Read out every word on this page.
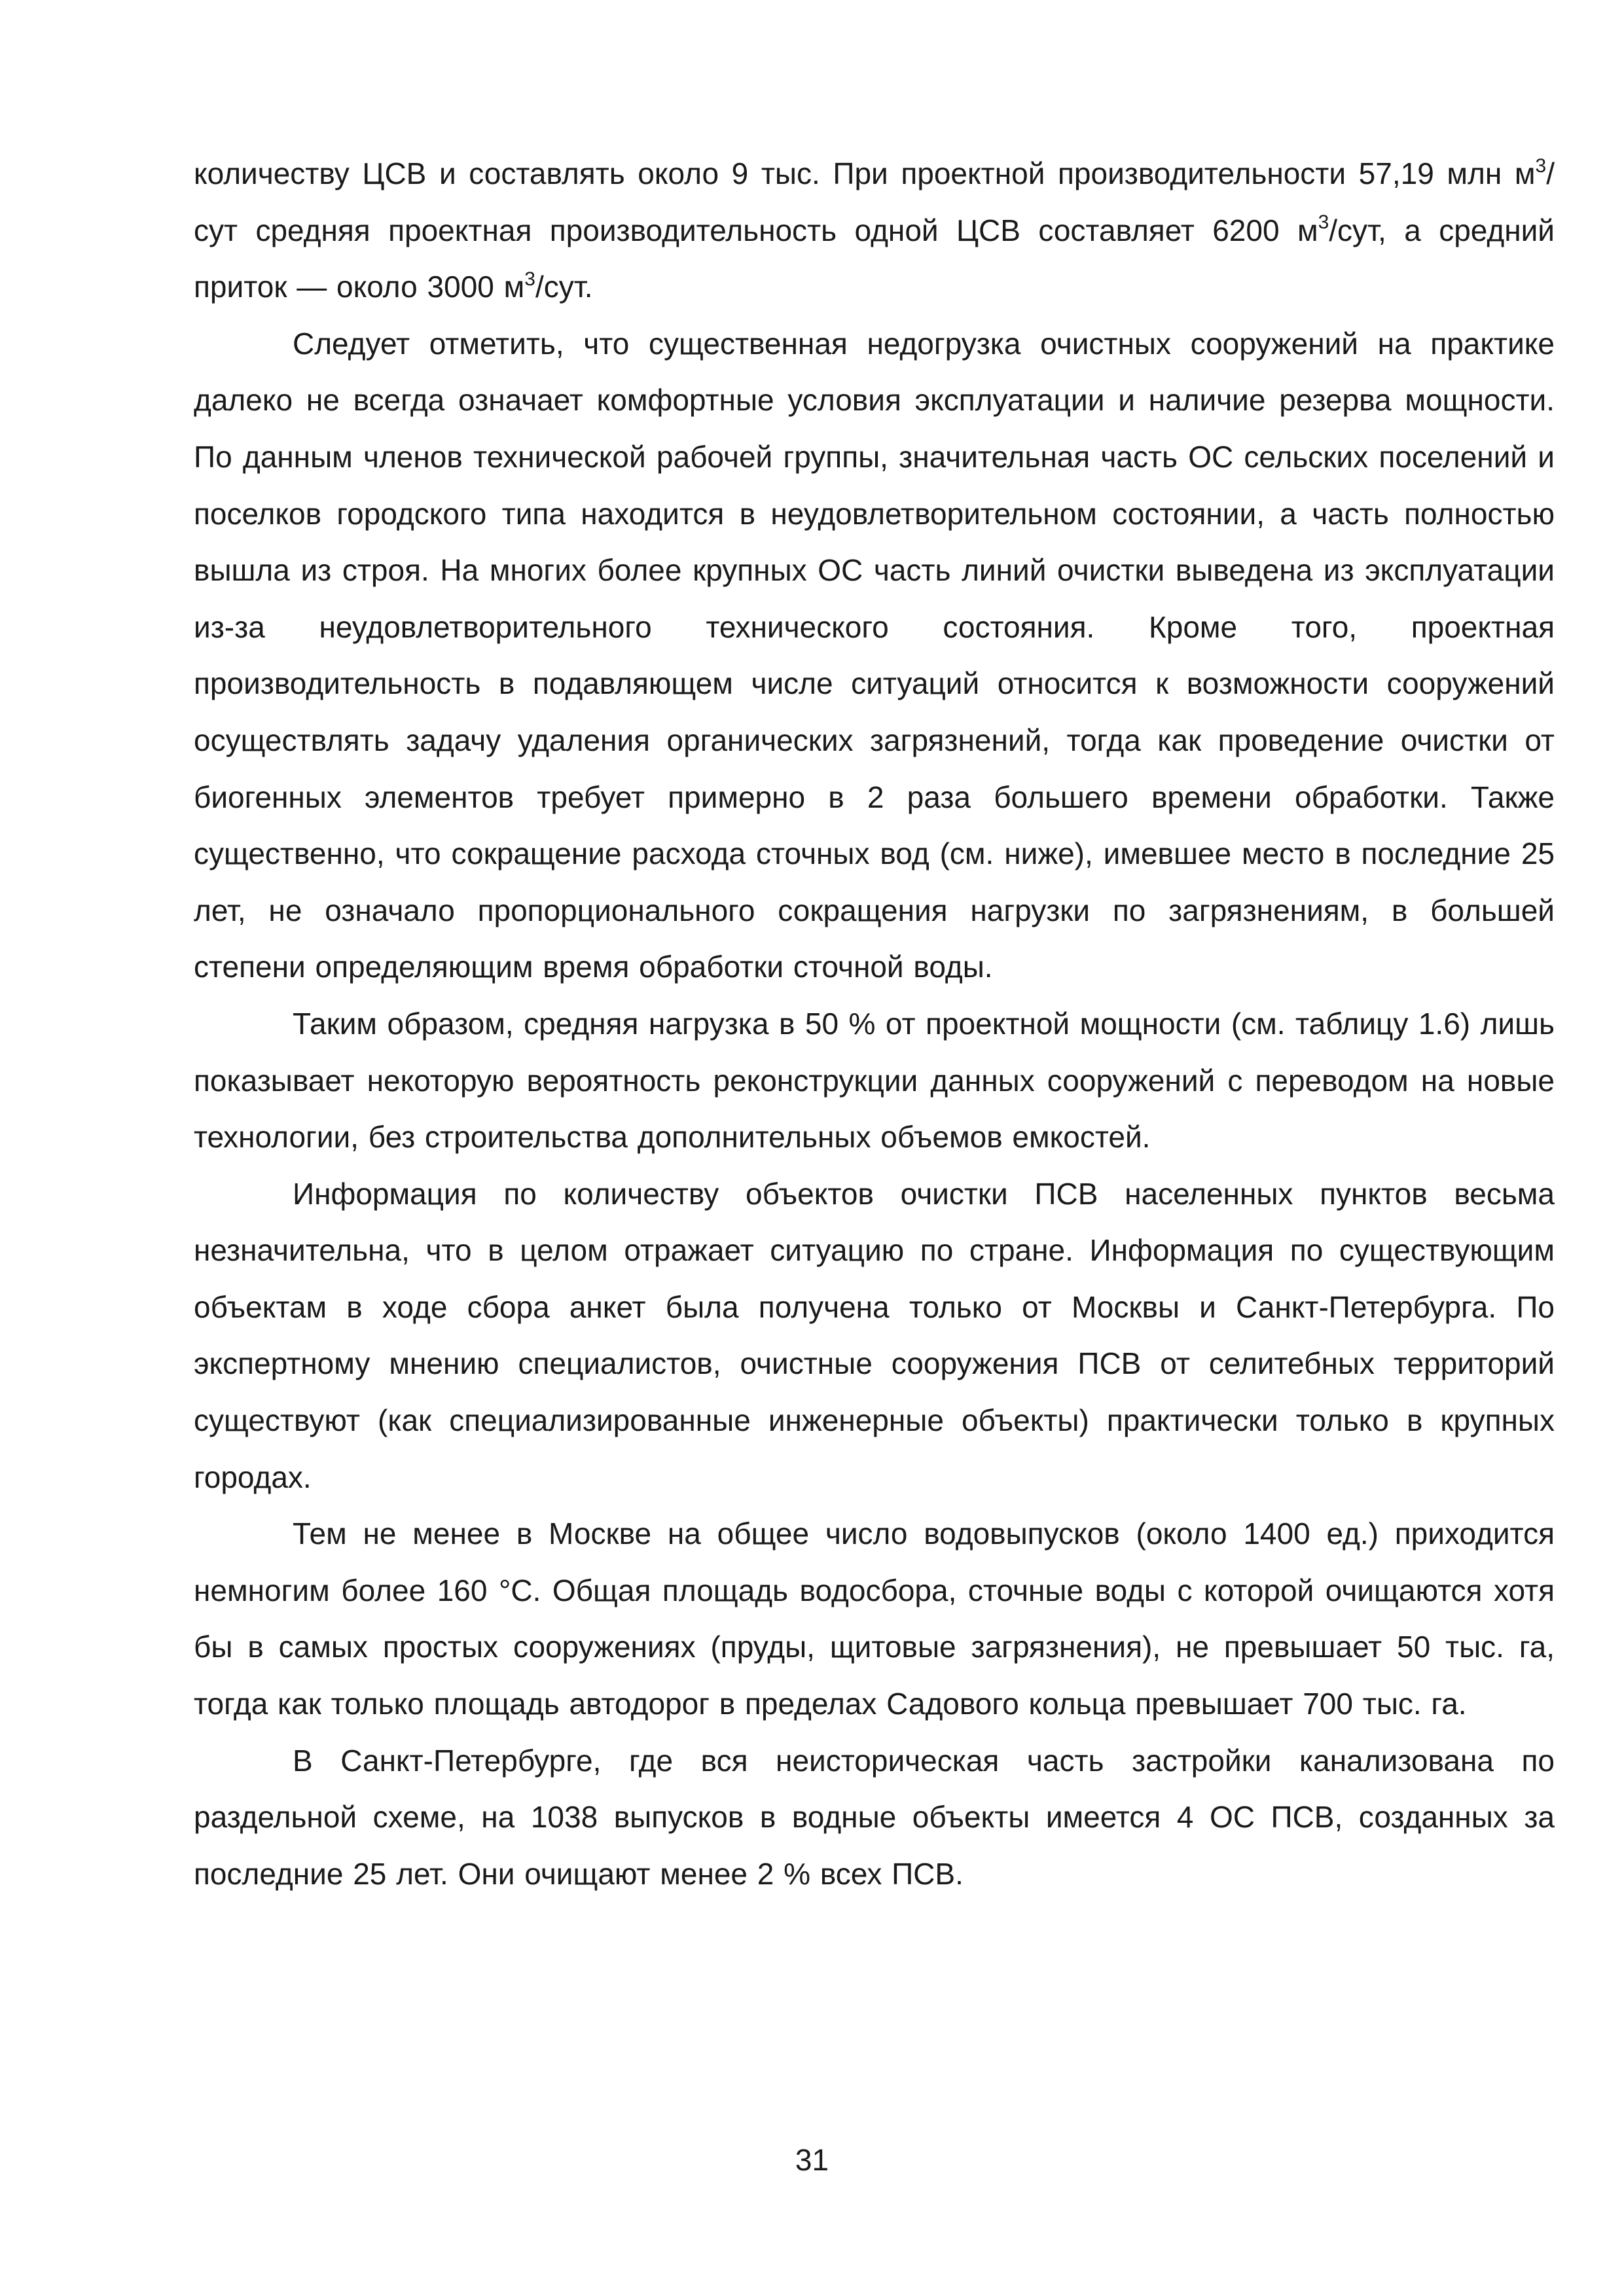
количеству ЦСВ и составлять около 9 тыс. При проектной производительности 57,19 млн $м^3$/сут средняя проектная производительность одной ЦСВ составляет 6200 $м^3$/сут, а средний приток — около 3000 $м^3$/сут.

Следует отметить, что существенная недогрузка очистных сооружений на практике далеко не всегда означает комфортные условия эксплуатации и наличие резерва мощности. По данным членов технической рабочей группы, значительная часть ОС сельских поселений и поселков городского типа находится в неудовлетворительном состоянии, а часть полностью вышла из строя. На многих более крупных ОС часть линий очистки выведена из эксплуатации из-за неудовлетворительного технического состояния. Кроме того, проектная производительность в подавляющем числе ситуаций относится к возможности сооружений осуществлять задачу удаления органических загрязнений, тогда как проведение очистки от биогенных элементов требует примерно в 2 раза большего времени обработки. Также существенно, что сокращение расхода сточных вод (см. ниже), имевшее место в последние 25 лет, не означало пропорционального сокращения нагрузки по загрязнениям, в большей степени определяющим время обработки сточной воды.

Таким образом, средняя нагрузка в 50 % от проектной мощности (см. таблицу 1.6) лишь показывает некоторую вероятность реконструкции данных сооружений с переводом на новые технологии, без строительства дополнительных объемов емкостей.

Информация по количеству объектов очистки ПСВ населенных пунктов весьма незначительна, что в целом отражает ситуацию по стране. Информация по существующим объектам в ходе сбора анкет была получена только от Москвы и Санкт-Петербурга. По экспертному мнению специалистов, очистные сооружения ПСВ от селитебных территорий существуют (как специализированные инженерные объекты) практически только в крупных городах.

Тем не менее в Москве на общее число водовыпусков (около 1400 ед.) приходится немногим более 160 °С. Общая площадь водосбора, сточные воды с которой очищаются хотя бы в самых простых сооружениях (пруды, щитовые загрязнения), не превышает 50 тыс. га, тогда как только площадь автодорог в пределах Садового кольца превышает 700 тыс. га.

В Санкт-Петербурге, где вся неисторическая часть застройки канализована по раздельной схеме, на 1038 выпусков в водные объекты имеется 4 ОС ПСВ, созданных за последние 25 лет. Они очищают менее 2 % всех ПСВ.

31
